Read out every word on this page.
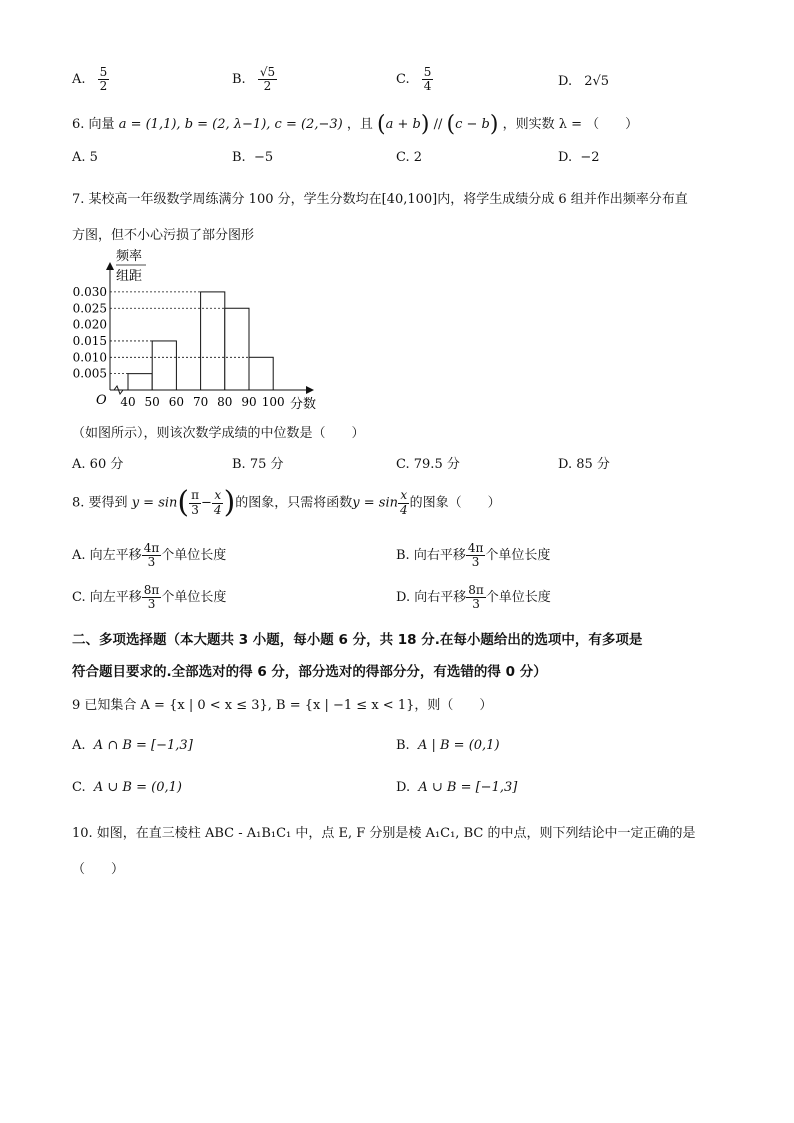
A. $\frac{5}{2}$	B. $\frac{√5}{2}$	C. $\frac{5}{4}$	D. 2√5
6. 向量 a = (1,1), b = (2, λ−1), c = (2,−3) ，且 (a + b) // (c − b) ，则实数 λ = （　　）
A. 5	B. −5	C. 2	D. −2
7. 某校高一年级数学周练满分 100 分，学生分数均在[40,100]内，将学生成绩分成 6 组并作出频率分布直
方图，但不小心污损了部分图形
频率
组距
0.005
0.010
0.015
0.020
0.025
0.030
40 50 60 70 80 90 100
O	分数
（如图所示），则该次数学成绩的中位数是（　　）
A. 60 分	B. 75 分	C. 79.5 分	D. 85 分
8. 要得到 $y = \sin( \frac{\pi}{3} - \frac{x}{4}$ )的图象，只需将函数$y = \sin \frac{x}{4}$ 的图象（　　）
A. 向左平移 $\frac{4\pi}{3}$ 个单位长度	B. 向右平移 $\frac{4\pi}{3}$ 个单位长度
C. 向左平移 $\frac{8\pi}{3}$ 个单位长度	D. 向右平移 $\frac{8\pi}{3}$ 个单位长度
二、多项选择题（本大题共 3 小题，每小题 6 分，共 18 分.在每小题给出的选项中，有多项是
符合题目要求的.全部选对的得 6 分，部分选对的得部分分，有选错的得 0 分）
9 已知集合 A = {x | 0 < x ≤ 3}, B = {x | −1 ≤ x < 1}，则（　　）
A. A ∩ B = [−1,3]	B. A | B = (0,1)
C. A ∪ B = (0,1)	D. A ∪ B = [−1,3]
10. 如图，在直三棱柱 ABC - A₁B₁C₁ 中，点 E, F 分别是棱 A₁C₁, BC 的中点，则下列结论中一定正确的是
（　　）
